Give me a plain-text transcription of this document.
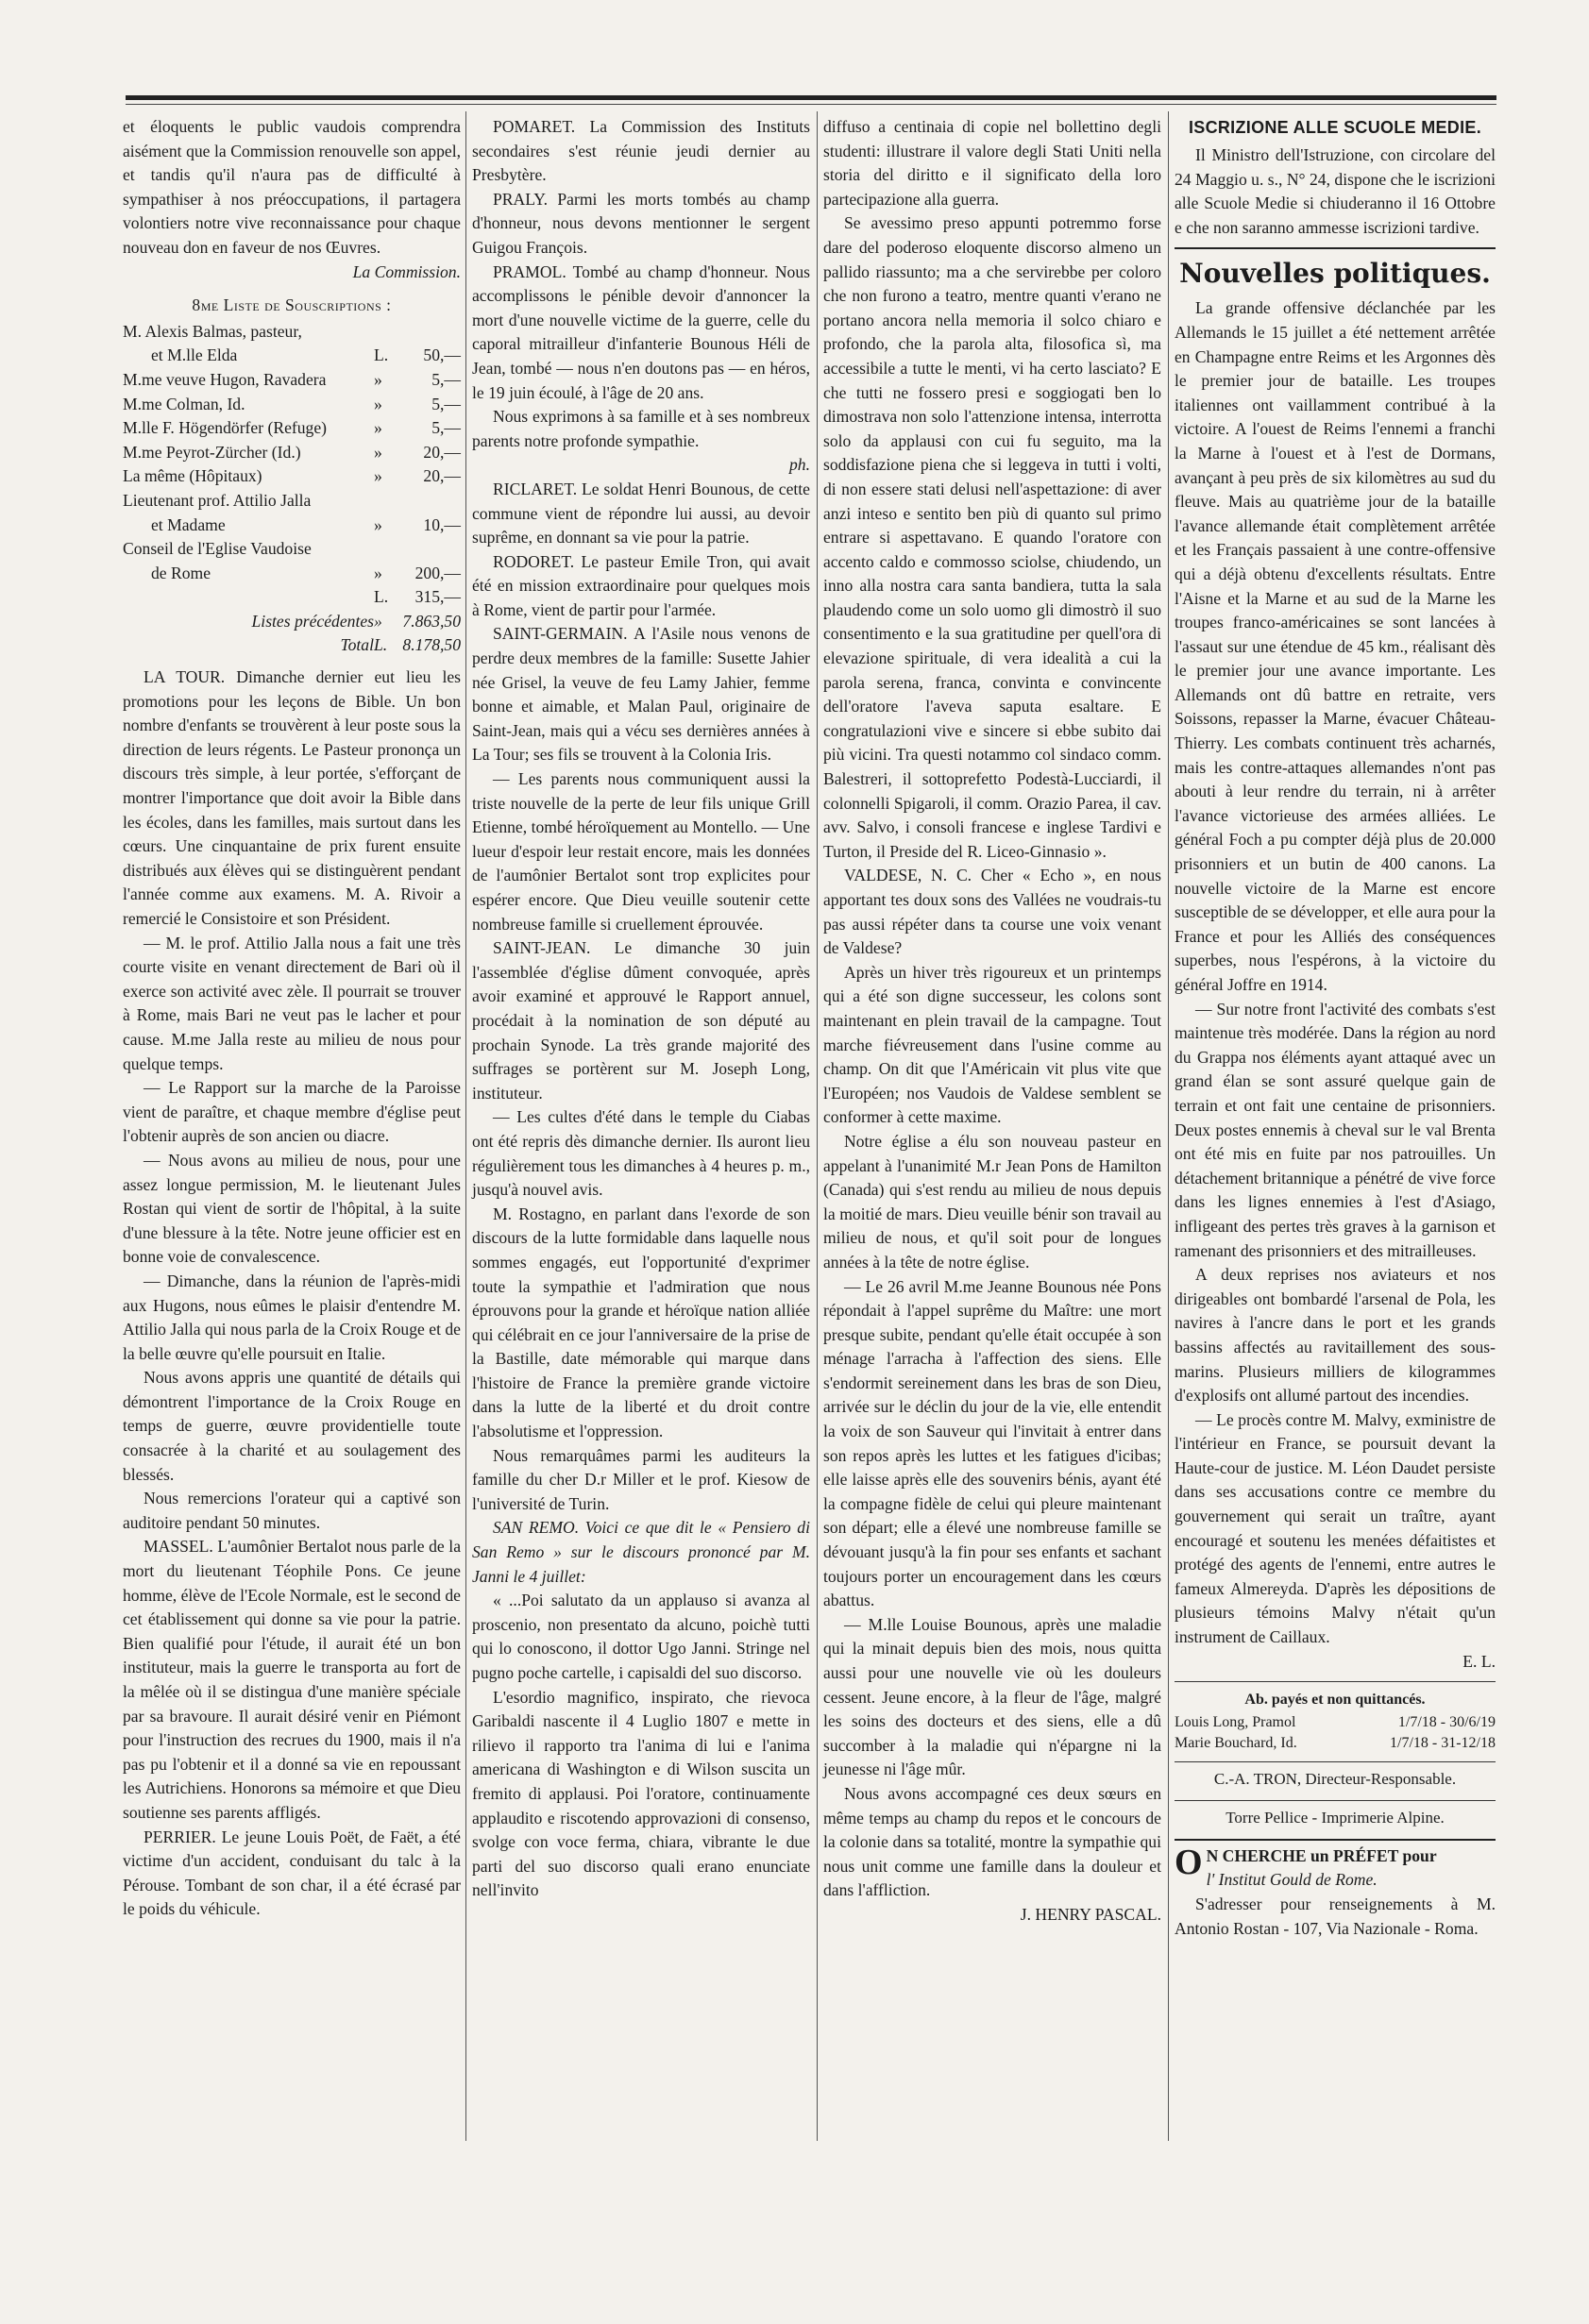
et éloquents le public vaudois comprendra aisément que la Commission renouvelle son appel, et tandis qu'il n'aura pas de difficulté à sympathiser à nos préoccupations, il partagera volontiers notre vive reconnaissance pour chaque nouveau don en faveur de nos Œuvres.

La Commission.
8me Liste de Souscriptions :
M. Alexis Balmas, pasteur,		
et M.lle Elda	L.	50,—
M.me veuve Hugon, Ravadera	»	5,—
M.me Colman, Id.	»	5,—
M.lle F. Högendörfer (Refuge)	»	5,—
M.me Peyrot-Zürcher (Id.)	»	20,—
La même (Hôpitaux)	»	20,—
Lieutenant prof. Attilio Jalla		
et Madame	»	10,—
Conseil de l'Eglise Vaudoise		
de Rome	»	200,—
	L.	315,—
Listes précédentes	»	7.863,50
Total	L.	8.178,50

LA TOUR. Dimanche dernier eut lieu les promotions pour les leçons de Bible. Un bon nombre d'enfants se trouvèrent à leur poste sous la direction de leurs régents. Le Pasteur prononça un discours très simple, à leur portée, s'efforçant de montrer l'importance que doit avoir la Bible dans les écoles, dans les familles, mais surtout dans les cœurs. Une cinquantaine de prix furent ensuite distribués aux élèves qui se distinguèrent pendant l'année comme aux examens. M. A. Rivoir a remercié le Consistoire et son Président.

— M. le prof. Attilio Jalla nous a fait une très courte visite en venant directement de Bari où il exerce son activité avec zèle. Il pourrait se trouver à Rome, mais Bari ne veut pas le lacher et pour cause. M.me Jalla reste au milieu de nous pour quelque temps.

— Le Rapport sur la marche de la Paroisse vient de paraître, et chaque membre d'église peut l'obtenir auprès de son ancien ou diacre.

— Nous avons au milieu de nous, pour une assez longue permission, M. le lieutenant Jules Rostan qui vient de sortir de l'hôpital, à la suite d'une blessure à la tête. Notre jeune officier est en bonne voie de convalescence.

— Dimanche, dans la réunion de l'après-midi aux Hugons, nous eûmes le plaisir d'entendre M. Attilio Jalla qui nous parla de la Croix Rouge et de la belle œuvre qu'elle poursuit en Italie.

Nous avons appris une quantité de détails qui démontrent l'importance de la Croix Rouge en temps de guerre, œuvre providentielle toute consacrée à la charité et au soulagement des blessés.

Nous remercions l'orateur qui a captivé son auditoire pendant 50 minutes.

MASSEL. L'aumônier Bertalot nous parle de la mort du lieutenant Téophile Pons. Ce jeune homme, élève de l'Ecole Normale, est le second de cet établissement qui donne sa vie pour la patrie. Bien qualifié pour l'étude, il aurait été un bon instituteur, mais la guerre le transporta au fort de la mêlée où il se distingua d'une manière spéciale par sa bravoure. Il aurait désiré venir en Piémont pour l'instruction des recrues du 1900, mais il n'a pas pu l'obtenir et il a donné sa vie en repoussant les Autrichiens. Honorons sa mémoire et que Dieu soutienne ses parents affligés.

PERRIER. Le jeune Louis Poët, de Faët, a été victime d'un accident, conduisant du talc à la Pérouse. Tombant de son char, il a été écrasé par le poids du véhicule.

POMARET. La Commission des Instituts secondaires s'est réunie jeudi dernier au Presbytère.

PRALY. Parmi les morts tombés au champ d'honneur, nous devons mentionner le sergent Guigou François.

PRAMOL. Tombé au champ d'honneur. Nous accomplissons le pénible devoir d'annoncer la mort d'une nouvelle victime de la guerre, celle du caporal mitrailleur d'infanterie Bounous Héli de Jean, tombé — nous n'en doutons pas — en héros, le 19 juin écoulé, à l'âge de 20 ans.

Nous exprimons à sa famille et à ses nombreux parents notre profonde sympathie.

ph.

RICLARET. Le soldat Henri Bounous, de cette commune vient de répondre lui aussi, au devoir suprême, en donnant sa vie pour la patrie.

RODORET. Le pasteur Emile Tron, qui avait été en mission extraordinaire pour quelques mois à Rome, vient de partir pour l'armée.

SAINT-GERMAIN. A l'Asile nous venons de perdre deux membres de la famille: Susette Jahier née Grisel, la veuve de feu Lamy Jahier, femme bonne et aimable, et Malan Paul, originaire de Saint-Jean, mais qui a vécu ses dernières années à La Tour; ses fils se trouvent à la Colonia Iris.

— Les parents nous communiquent aussi la triste nouvelle de la perte de leur fils unique Grill Etienne, tombé héroïquement au Montello. — Une lueur d'espoir leur restait encore, mais les données de l'aumônier Bertalot sont trop explicites pour espérer encore. Que Dieu veuille soutenir cette nombreuse famille si cruellement éprouvée.

SAINT-JEAN. Le dimanche 30 juin l'assemblée d'église dûment convoquée, après avoir examiné et approuvé le Rapport annuel, procédait à la nomination de son député au prochain Synode. La très grande majorité des suffrages se portèrent sur M. Joseph Long, instituteur.

— Les cultes d'été dans le temple du Ciabas ont été repris dès dimanche dernier. Ils auront lieu régulièrement tous les dimanches à 4 heures p. m., jusqu'à nouvel avis.

M. Rostagno, en parlant dans l'exorde de son discours de la lutte formidable dans laquelle nous sommes engagés, eut l'opportunité d'exprimer toute la sympathie et l'admiration que nous éprouvons pour la grande et héroïque nation alliée qui célébrait en ce jour l'anniversaire de la prise de la Bastille, date mémorable qui marque dans l'histoire de France la première grande victoire dans la lutte de la liberté et du droit contre l'absolutisme et l'oppression.

Nous remarquâmes parmi les auditeurs la famille du cher D.r Miller et le prof. Kiesow de l'université de Turin.

SAN REMO. Voici ce que dit le « Pensiero di San Remo » sur le discours prononcé par M. Janni le 4 juillet:

« ...Poi salutato da un applauso si avanza al proscenio, non presentato da alcuno, poichè tutti qui lo conoscono, il dottor Ugo Janni. Stringe nel pugno poche cartelle, i capisaldi del suo discorso.

L'esordio magnifico, inspirato, che rievoca Garibaldi nascente il 4 Luglio 1807 e mette in rilievo il rapporto tra l'anima di lui e l'anima americana di Washington e di Wilson suscita un fremito di applausi. Poi l'oratore, continuamente applaudito e riscotendo approvazioni di consenso, svolge con voce ferma, chiara, vibrante le due parti del suo discorso quali erano enunciate nell'invito

diffuso a centinaia di copie nel bollettino degli studenti: illustrare il valore degli Stati Uniti nella storia del diritto e il significato della loro partecipazione alla guerra.

Se avessimo preso appunti potremmo forse dare del poderoso eloquente discorso almeno un pallido riassunto; ma a che servirebbe per coloro che non furono a teatro, mentre quanti v'erano ne portano ancora nella memoria il solco chiaro e profondo, che la parola alta, filosofica sì, ma accessibile a tutte le menti, vi ha certo lasciato? E che tutti ne fossero presi e soggiogati ben lo dimostrava non solo l'attenzione intensa, interrotta solo da applausi con cui fu seguito, ma la soddisfazione piena che si leggeva in tutti i volti, di non essere stati delusi nell'aspettazione: di aver anzi inteso e sentito ben più di quanto sul primo entrare si aspettavano. E quando l'oratore con accento caldo e commosso sciolse, chiudendo, un inno alla nostra cara santa bandiera, tutta la sala plaudendo come un solo uomo gli dimostrò il suo consentimento e la sua gratitudine per quell'ora di elevazione spirituale, di vera idealità a cui la parola serena, franca, convinta e convincente dell'oratore l'aveva saputa esaltare. E congratulazioni vive e sincere si ebbe subito dai più vicini. Tra questi notammo col sindaco comm. Balestreri, il sottoprefetto Podestà-Lucciardi, il colonnelli Spigaroli, il comm. Orazio Parea, il cav. avv. Salvo, i consoli francese e inglese Tardivi e Turton, il Preside del R. Liceo-Ginnasio ».

VALDESE, N. C. Cher « Echo », en nous apportant tes doux sons des Vallées ne voudrais-tu pas aussi répéter dans ta course une voix venant de Valdese?

Après un hiver très rigoureux et un printemps qui a été son digne successeur, les colons sont maintenant en plein travail de la campagne. Tout marche fiévreusement dans l'usine comme au champ. On dit que l'Américain vit plus vite que l'Européen; nos Vaudois de Valdese semblent se conformer à cette maxime.

Notre église a élu son nouveau pasteur en appelant à l'unanimité M.r Jean Pons de Hamilton (Canada) qui s'est rendu au milieu de nous depuis la moitié de mars. Dieu veuille bénir son travail au milieu de nous, et qu'il soit pour de longues années à la tête de notre église.

— Le 26 avril M.me Jeanne Bounous née Pons répondait à l'appel suprême du Maître: une mort presque subite, pendant qu'elle était occupée à son ménage l'arracha à l'affection des siens. Elle s'endormit sereinement dans les bras de son Dieu, arrivée sur le déclin du jour de la vie, elle entendit la voix de son Sauveur qui l'invitait à entrer dans son repos après les luttes et les fatigues d'icibas; elle laisse après elle des souvenirs bénis, ayant été la compagne fidèle de celui qui pleure maintenant son départ; elle a élevé une nombreuse famille se dévouant jusqu'à la fin pour ses enfants et sachant toujours porter un encouragement dans les cœurs abattus.

— M.lle Louise Bounous, après une maladie qui la minait depuis bien des mois, nous quitta aussi pour une nouvelle vie où les douleurs cessent. Jeune encore, à la fleur de l'âge, malgré les soins des docteurs et des siens, elle a dû succomber à la maladie qui n'épargne ni la jeunesse ni l'âge mûr.

Nous avons accompagné ces deux sœurs en même temps au champ du repos et le concours de la colonie dans sa totalité, montre la sympathie qui nous unit comme une famille dans la douleur et dans l'affliction.

J. HENRY PASCAL.
ISCRIZIONE ALLE SCUOLE MEDIE.

Il Ministro dell'Istruzione, con circolare del 24 Maggio u. s., N° 24, dispone che le iscrizioni alle Scuole Medie si chiuderanno il 16 Ottobre e che non saranno ammesse iscrizioni tardive.

Nouvelles politiques.

La grande offensive déclanchée par les Allemands le 15 juillet a été nettement arrêtée en Champagne entre Reims et les Argonnes dès le premier jour de bataille. Les troupes italiennes ont vaillamment contribué à la victoire. A l'ouest de Reims l'ennemi a franchi la Marne à l'ouest et à l'est de Dormans, avançant à peu près de six kilomètres au sud du fleuve. Mais au quatrième jour de la bataille l'avance allemande était complètement arrêtée et les Français passaient à une contre-offensive qui a déjà obtenu d'excellents résultats. Entre l'Aisne et la Marne et au sud de la Marne les troupes franco-américaines se sont lancées à l'assaut sur une étendue de 45 km., réalisant dès le premier jour une avance importante. Les Allemands ont dû battre en retraite, vers Soissons, repasser la Marne, évacuer Château-Thierry. Les combats continuent très acharnés, mais les contre-attaques allemandes n'ont pas abouti à leur rendre du terrain, ni à arrêter l'avance victorieuse des armées alliées. Le général Foch a pu compter déjà plus de 20.000 prisonniers et un butin de 400 canons. La nouvelle victoire de la Marne est encore susceptible de se développer, et elle aura pour la France et pour les Alliés des conséquences superbes, nous l'espérons, à la victoire du général Joffre en 1914.

— Sur notre front l'activité des combats s'est maintenue très modérée. Dans la région au nord du Grappa nos éléments ayant attaqué avec un grand élan se sont assuré quelque gain de terrain et ont fait une centaine de prisonniers. Deux postes ennemis à cheval sur le val Brenta ont été mis en fuite par nos patrouilles. Un détachement britannique a pénétré de vive force dans les lignes ennemies à l'est d'Asiago, infligeant des pertes très graves à la garnison et ramenant des prisonniers et des mitrailleuses.

A deux reprises nos aviateurs et nos dirigeables ont bombardé l'arsenal de Pola, les navires à l'ancre dans le port et les grands bassins affectés au ravitaillement des sous-marins. Plusieurs milliers de kilogrammes d'explosifs ont allumé partout des incendies.

— Le procès contre M. Malvy, exministre de l'intérieur en France, se poursuit devant la Haute-cour de justice. M. Léon Daudet persiste dans ses accusations contre ce membre du gouvernement qui serait un traître, ayant encouragé et soutenu les menées défaitistes et protégé des agents de l'ennemi, entre autres le fameux Almereyda. D'après les dépositions de plusieurs témoins Malvy n'était qu'un instrument de Caillaux.

E. L.
Ab. payés et non quittancés.
Louis Long, Pramol	1/7/18 - 30/6/19
Marie Bouchard, Id.	1/7/18 - 31-12/18
C.-A. TRON, Directeur-Responsable.
Torre Pellice - Imprimerie Alpine.
O N CHERCHE un PRÉFET pour
l' Institut Gould de Rome.

S'adresser pour renseignements à M. Antonio Rostan - 107, Via Nazionale - Roma.
